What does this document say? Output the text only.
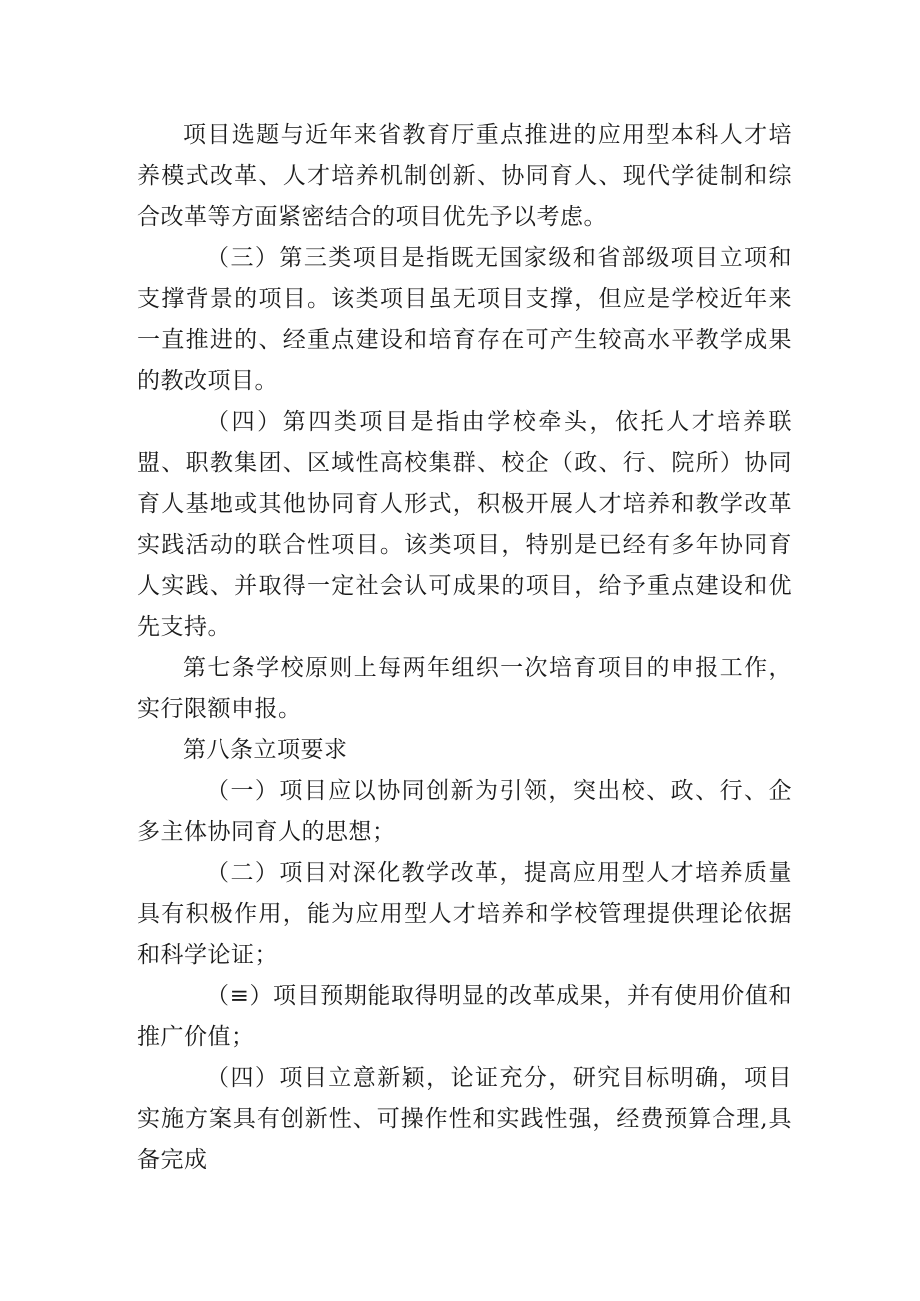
项目选题与近年来省教育厅重点推进的应用型本科人才培养模式改革、人才培养机制创新、协同育人、现代学徒制和综合改革等方面紧密结合的项目优先予以考虑。

（三）第三类项目是指既无国家级和省部级项目立项和支撑背景的项目。该类项目虽无项目支撑，但应是学校近年来一直推进的、经重点建设和培育存在可产生较高水平教学成果的教改项目。

（四）第四类项目是指由学校牵头，依托人才培养联盟、职教集团、区域性高校集群、校企（政、行、院所）协同育人基地或其他协同育人形式，积极开展人才培养和教学改革实践活动的联合性项目。该类项目，特别是已经有多年协同育人实践、并取得一定社会认可成果的项目，给予重点建设和优先支持。

第七条学校原则上每两年组织一次培育项目的申报工作，实行限额申报。

第八条立项要求

（一）项目应以协同创新为引领，突出校、政、行、企多主体协同育人的思想；

（二）项目对深化教学改革，提高应用型人才培养质量具有积极作用，能为应用型人才培养和学校管理提供理论依据和科学论证；

（≡）项目预期能取得明显的改革成果，并有使用价值和推广价值；

（四）项目立意新颖，论证充分，研究目标明确，项目实施方案具有创新性、可操作性和实践性强，经费预算合理,具备完成
